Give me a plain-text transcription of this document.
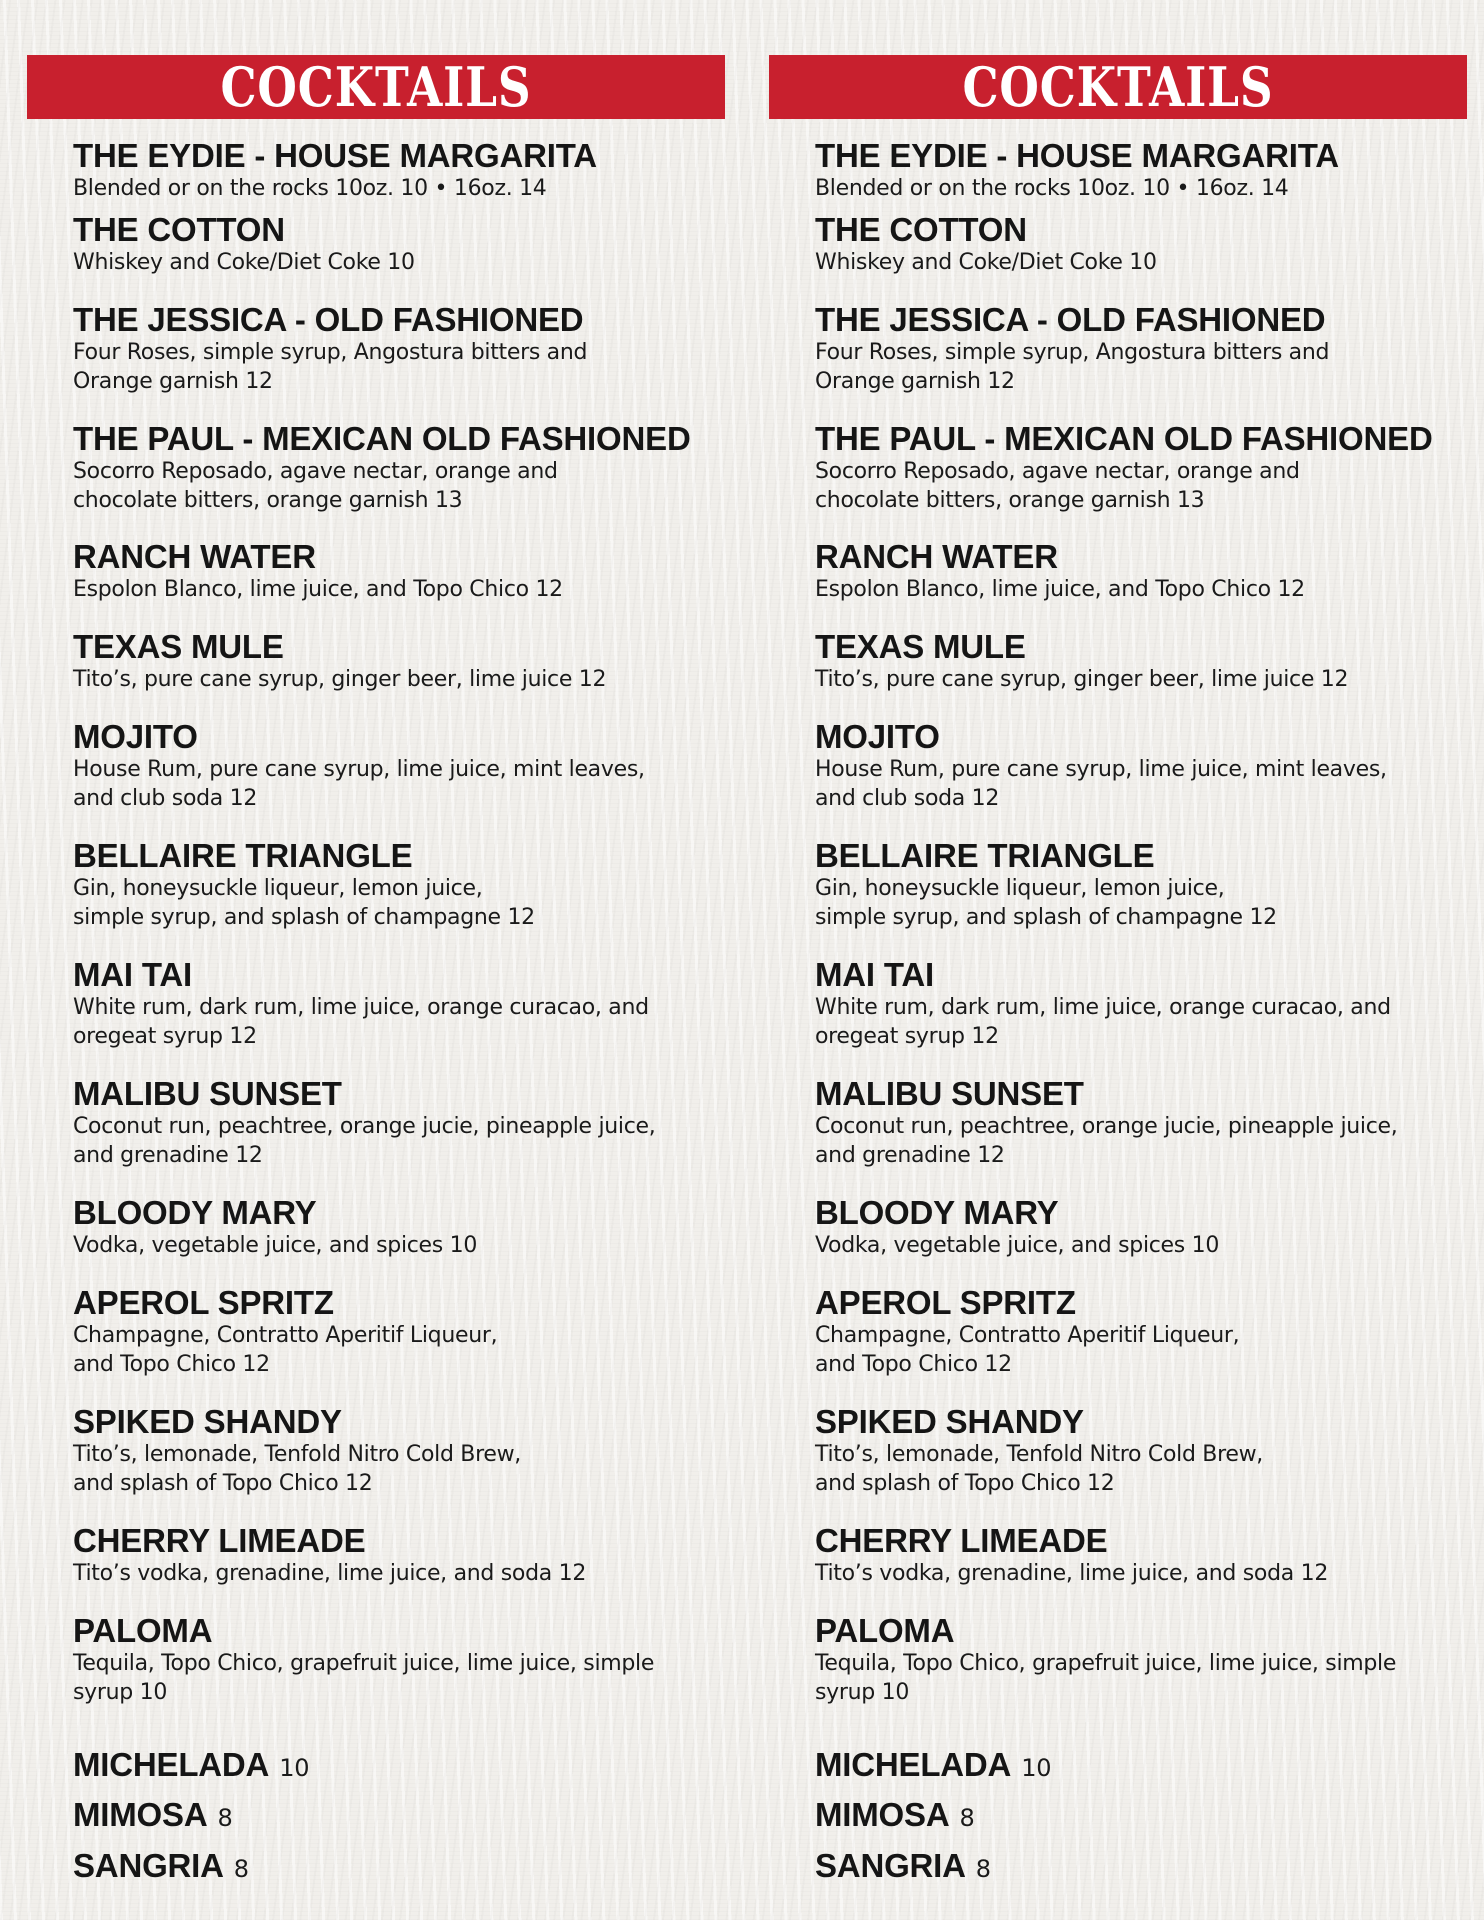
COCKTAILS
THE EYDIE - HOUSE MARGARITA
Blended or on the rocks 10oz. 10 • 16oz. 14
THE COTTON
Whiskey and Coke/Diet Coke 10
THE JESSICA - OLD FASHIONED
Four Roses, simple syrup, Angostura bitters and
Orange garnish 12
THE PAUL - MEXICAN OLD FASHIONED
Socorro Reposado, agave nectar, orange and
chocolate bitters, orange garnish 13
RANCH WATER
Espolon Blanco, lime juice, and Topo Chico 12
TEXAS MULE
Tito’s, pure cane syrup, ginger beer, lime juice 12
MOJITO
House Rum, pure cane syrup, lime juice, mint leaves,
and club soda 12
BELLAIRE TRIANGLE
Gin, honeysuckle liqueur, lemon juice,
simple syrup, and splash of champagne 12
MAI TAI
White rum, dark rum, lime juice, orange curacao, and
oregeat syrup 12
MALIBU SUNSET
Coconut run, peachtree, orange jucie, pineapple juice,
and grenadine 12
BLOODY MARY
Vodka, vegetable juice, and spices 10
APEROL SPRITZ
Champagne, Contratto Aperitif Liqueur,
and Topo Chico 12
SPIKED SHANDY
Tito’s, lemonade, Tenfold Nitro Cold Brew,
and splash of Topo Chico 12
CHERRY LIMEADE
Tito’s vodka, grenadine, lime juice, and soda 12
PALOMA
Tequila, Topo Chico, grapefruit juice, lime juice, simple
syrup 10
MICHELADA 10
MIMOSA 8
SANGRIA 8
COCKTAILS
THE EYDIE - HOUSE MARGARITA
Blended or on the rocks 10oz. 10 • 16oz. 14
THE COTTON
Whiskey and Coke/Diet Coke 10
THE JESSICA - OLD FASHIONED
Four Roses, simple syrup, Angostura bitters and
Orange garnish 12
THE PAUL - MEXICAN OLD FASHIONED
Socorro Reposado, agave nectar, orange and
chocolate bitters, orange garnish 13
RANCH WATER
Espolon Blanco, lime juice, and Topo Chico 12
TEXAS MULE
Tito’s, pure cane syrup, ginger beer, lime juice 12
MOJITO
House Rum, pure cane syrup, lime juice, mint leaves,
and club soda 12
BELLAIRE TRIANGLE
Gin, honeysuckle liqueur, lemon juice,
simple syrup, and splash of champagne 12
MAI TAI
White rum, dark rum, lime juice, orange curacao, and
oregeat syrup 12
MALIBU SUNSET
Coconut run, peachtree, orange jucie, pineapple juice,
and grenadine 12
BLOODY MARY
Vodka, vegetable juice, and spices 10
APEROL SPRITZ
Champagne, Contratto Aperitif Liqueur,
and Topo Chico 12
SPIKED SHANDY
Tito’s, lemonade, Tenfold Nitro Cold Brew,
and splash of Topo Chico 12
CHERRY LIMEADE
Tito’s vodka, grenadine, lime juice, and soda 12
PALOMA
Tequila, Topo Chico, grapefruit juice, lime juice, simple
syrup 10
MICHELADA 10
MIMOSA 8
SANGRIA 8
